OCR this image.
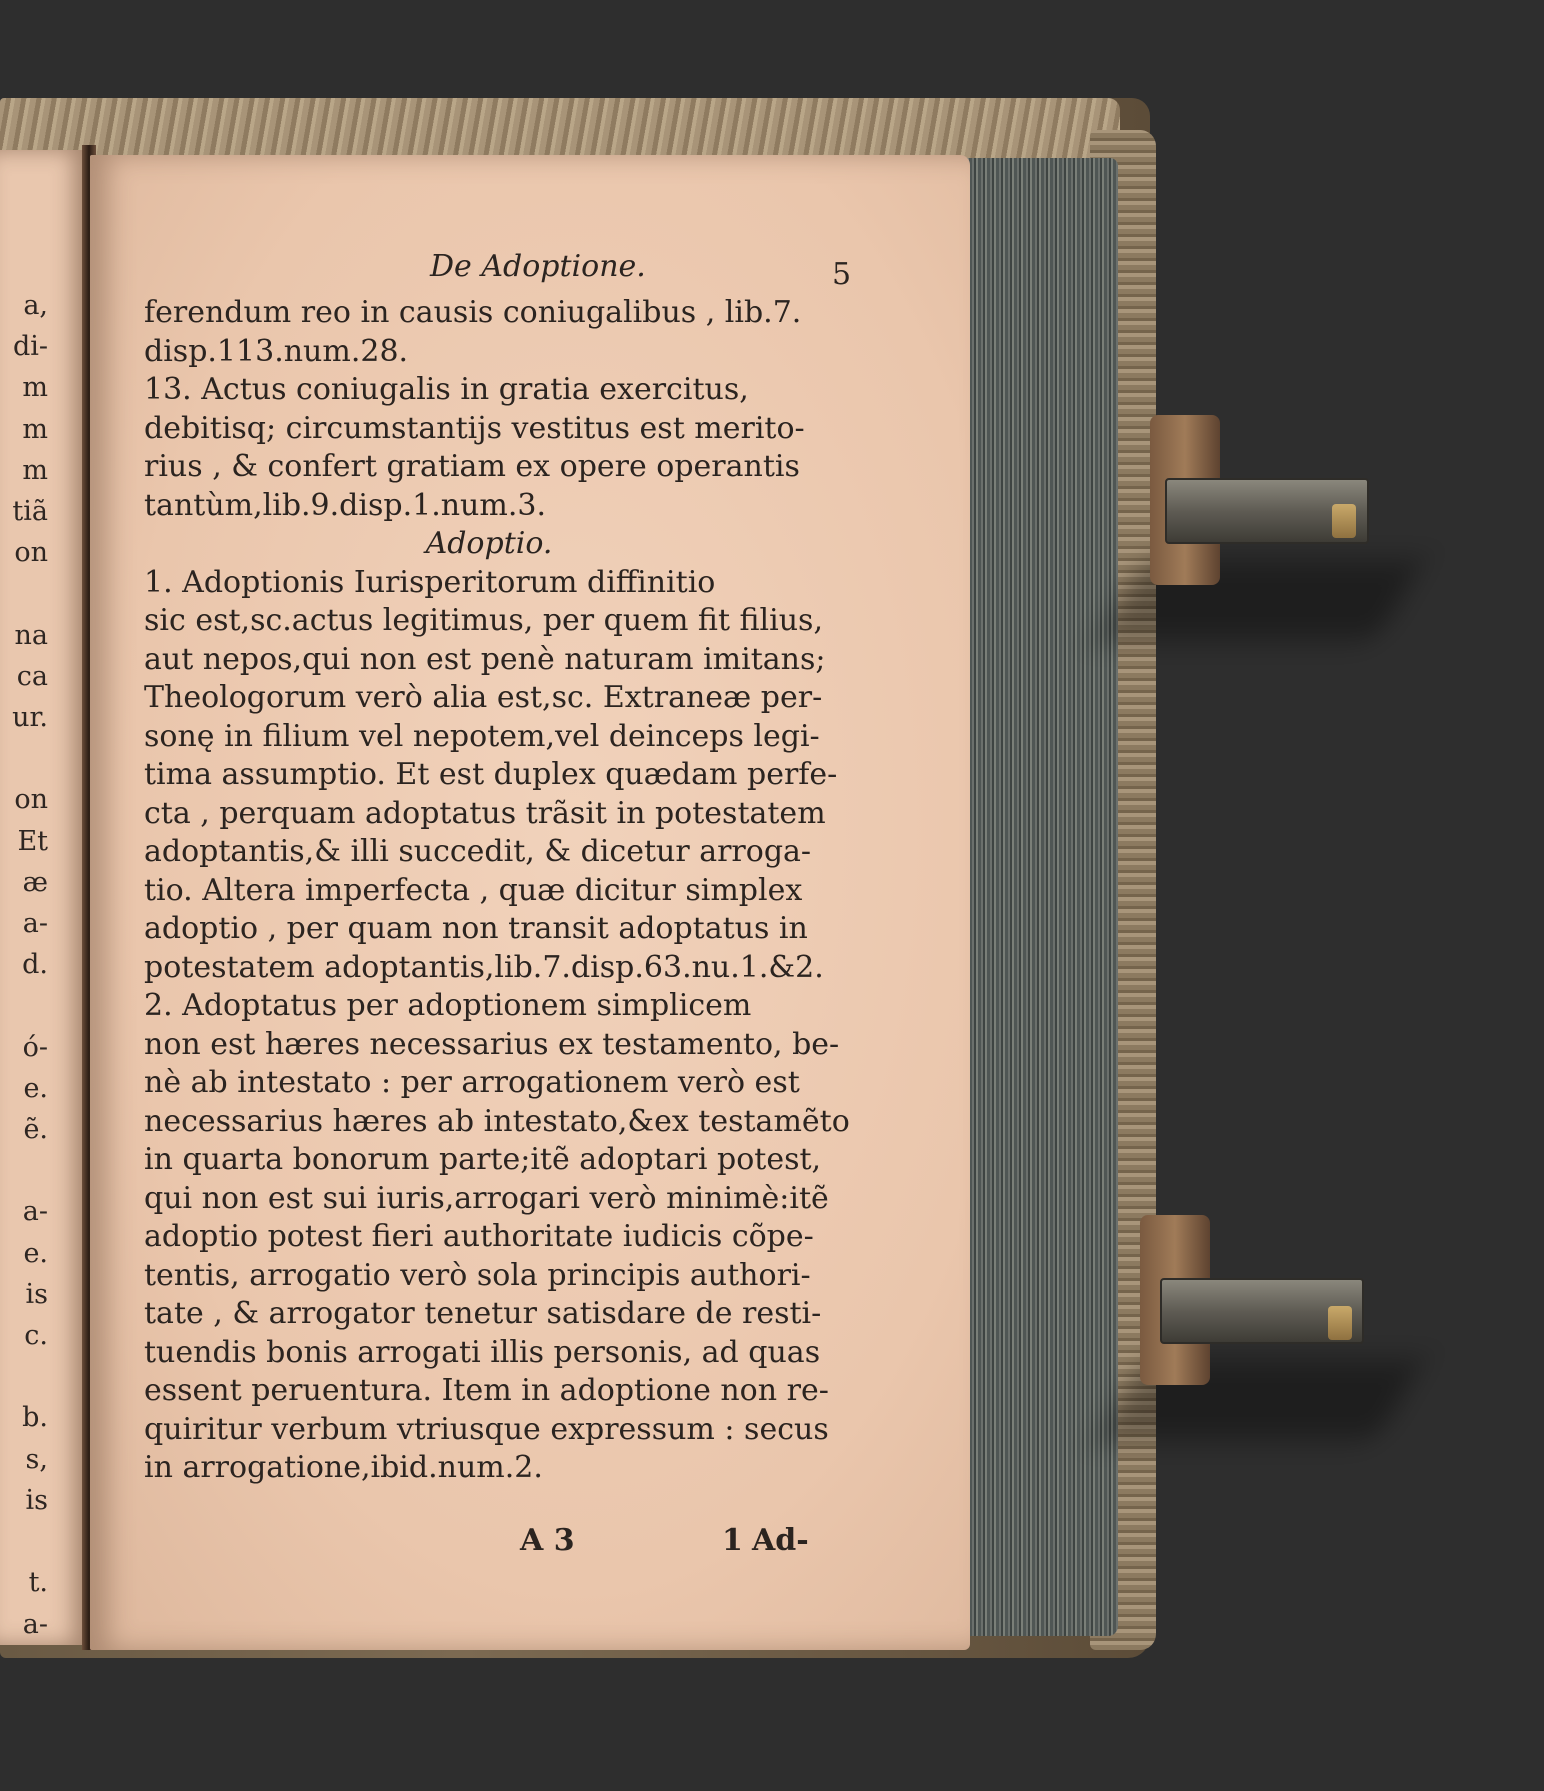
a,
di-
m
m
m
tiã
on

na
ca
ur.

on
Et
æ
a-
d.

ó-
e.
ẽ.

a-
e.
is
c.

b.
s,
is

t.
a-
De Adoptione.	5
ferendum reo in causis coniugalibus , lib.7.
disp.113.num.28.
13. Actus coniugalis in gratia exercitus,
debitisq; circumstantijs vestitus est merito-
rius , & confert gratiam ex opere operantis
tantùm,lib.9.disp.1.num.3.
Adoptio.
1. Adoptionis Iurisperitorum diffinitio
sic est,sc.actus legitimus, per quem fit filius,
aut nepos,qui non est penè naturam imitans;
Theologorum verò alia est,sc. Extraneæ per-
sonę in filium vel nepotem,vel deinceps legi-
tima assumptio. Et est duplex quædam perfe-
cta , perquam adoptatus trãsit in potestatem
adoptantis,& illi succedit, & dicetur arroga-
tio. Altera imperfecta , quæ dicitur simplex
adoptio , per quam non transit adoptatus in
potestatem adoptantis,lib.7.disp.63.nu.1.&2.
2. Adoptatus per adoptionem simplicem
non est hæres necessarius ex testamento, be-
nè ab intestato : per arrogationem verò est
necessarius hæres ab intestato,&ex testamẽto
in quarta bonorum parte;itẽ adoptari potest,
qui non est sui iuris,arrogari verò minimè:itẽ
adoptio potest fieri authoritate iudicis cõpe-
tentis, arrogatio verò sola principis authori-
tate , & arrogator tenetur satisdare de resti-
tuendis bonis arrogati illis personis, ad quas
essent peruentura. Item in adoptione non re-
quiritur verbum vtriusque expressum : secus
in arrogatione,ibid.num.2.
A 3	1 Ad-
